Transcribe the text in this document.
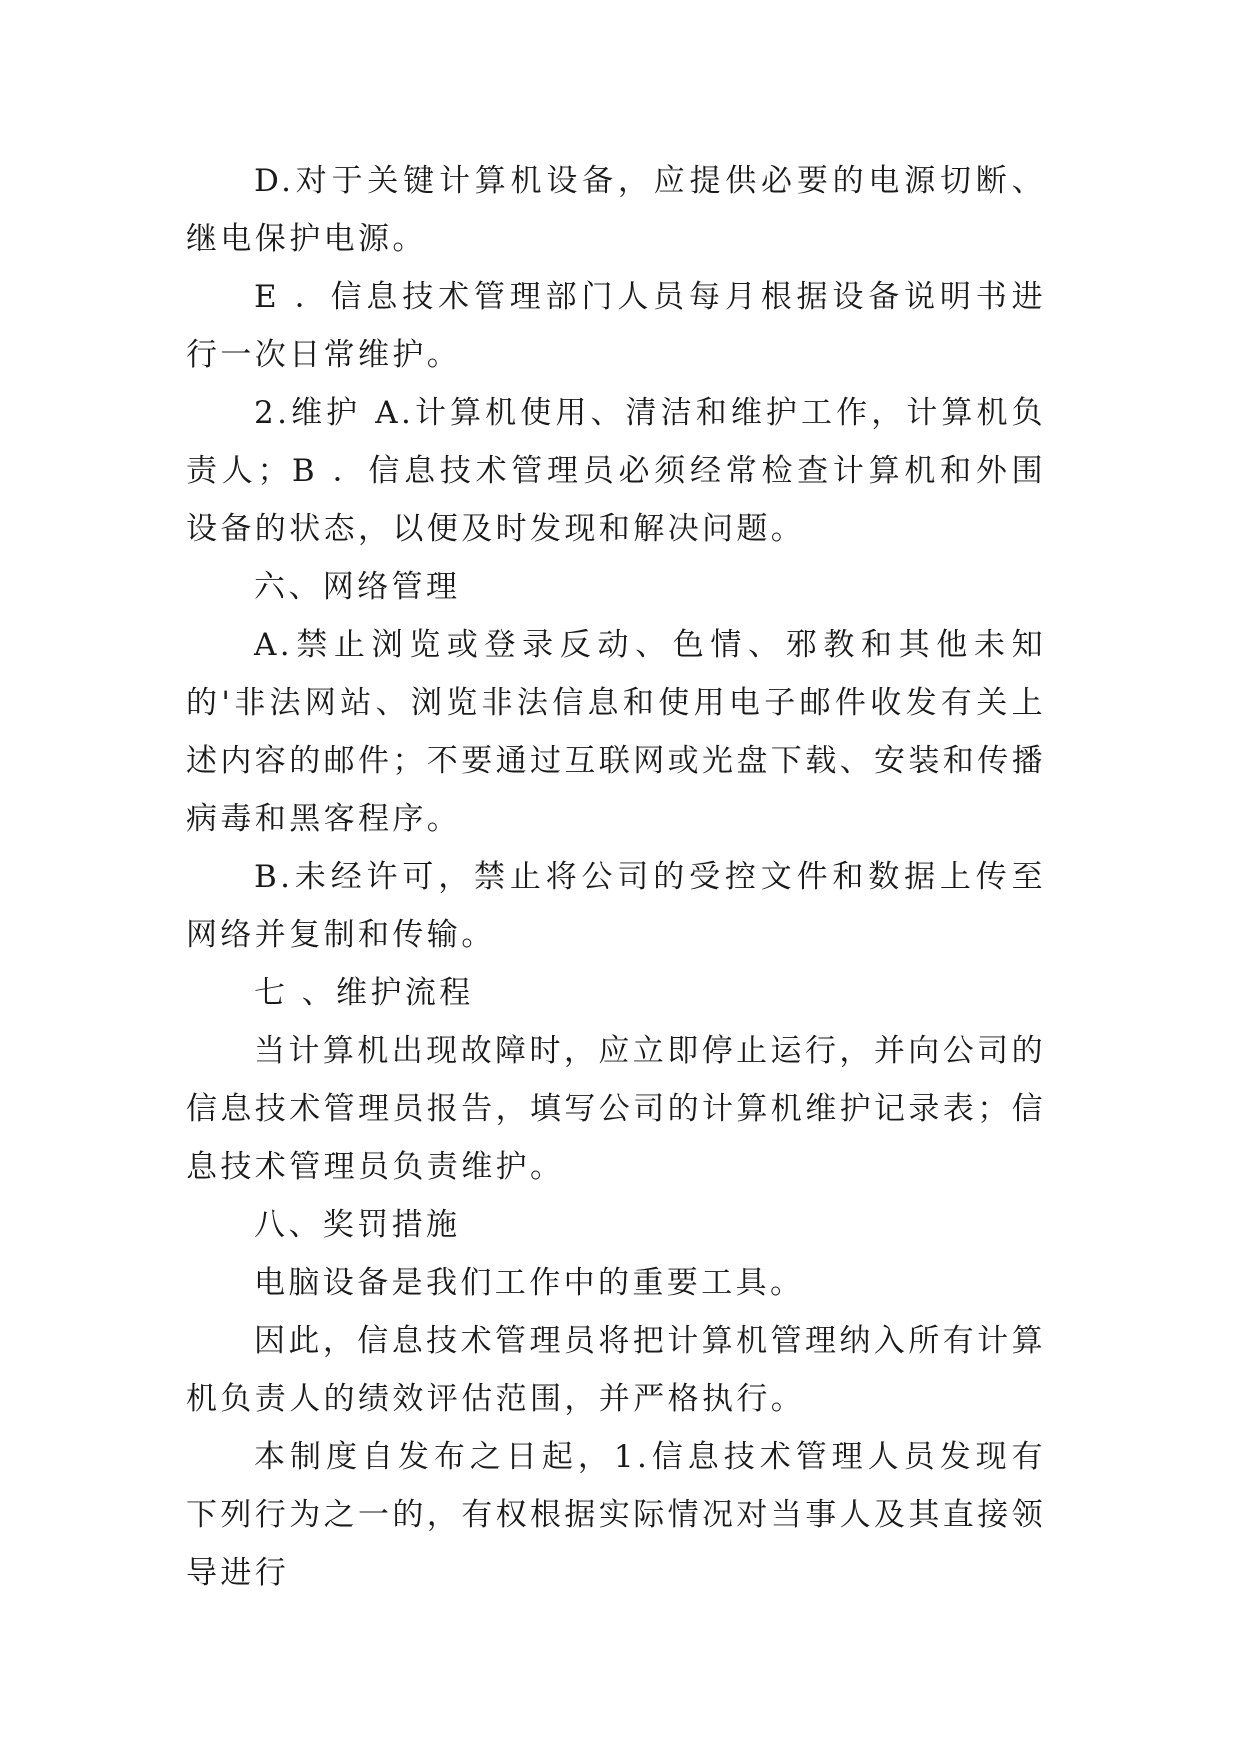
D.对于关键计算机设备，应提供必要的电源切断、继电保护电源。

E ．信息技术管理部门人员每月根据设备说明书进行一次日常维护。

2.维护 A.计算机使用、清洁和维护工作，计算机负责人；B ．信息技术管理员必须经常检查计算机和外围设备的状态，以便及时发现和解决问题。

六、网络管理

A.禁止浏览或登录反动、色情、邪教和其他未知的'非法网站、浏览非法信息和使用电子邮件收发有关上述内容的邮件；不要通过互联网或光盘下载、安装和传播病毒和黑客程序。

B.未经许可，禁止将公司的受控文件和数据上传至网络并复制和传输。

七 、维护流程

当计算机出现故障时，应立即停止运行，并向公司的信息技术管理员报告，填写公司的计算机维护记录表；信息技术管理员负责维护。

八、奖罚措施

电脑设备是我们工作中的重要工具。

因此，信息技术管理员将把计算机管理纳入所有计算机负责人的绩效评估范围，并严格执行。

本制度自发布之日起，1.信息技术管理人员发现有下列行为之一的，有权根据实际情况对当事人及其直接领导进行
